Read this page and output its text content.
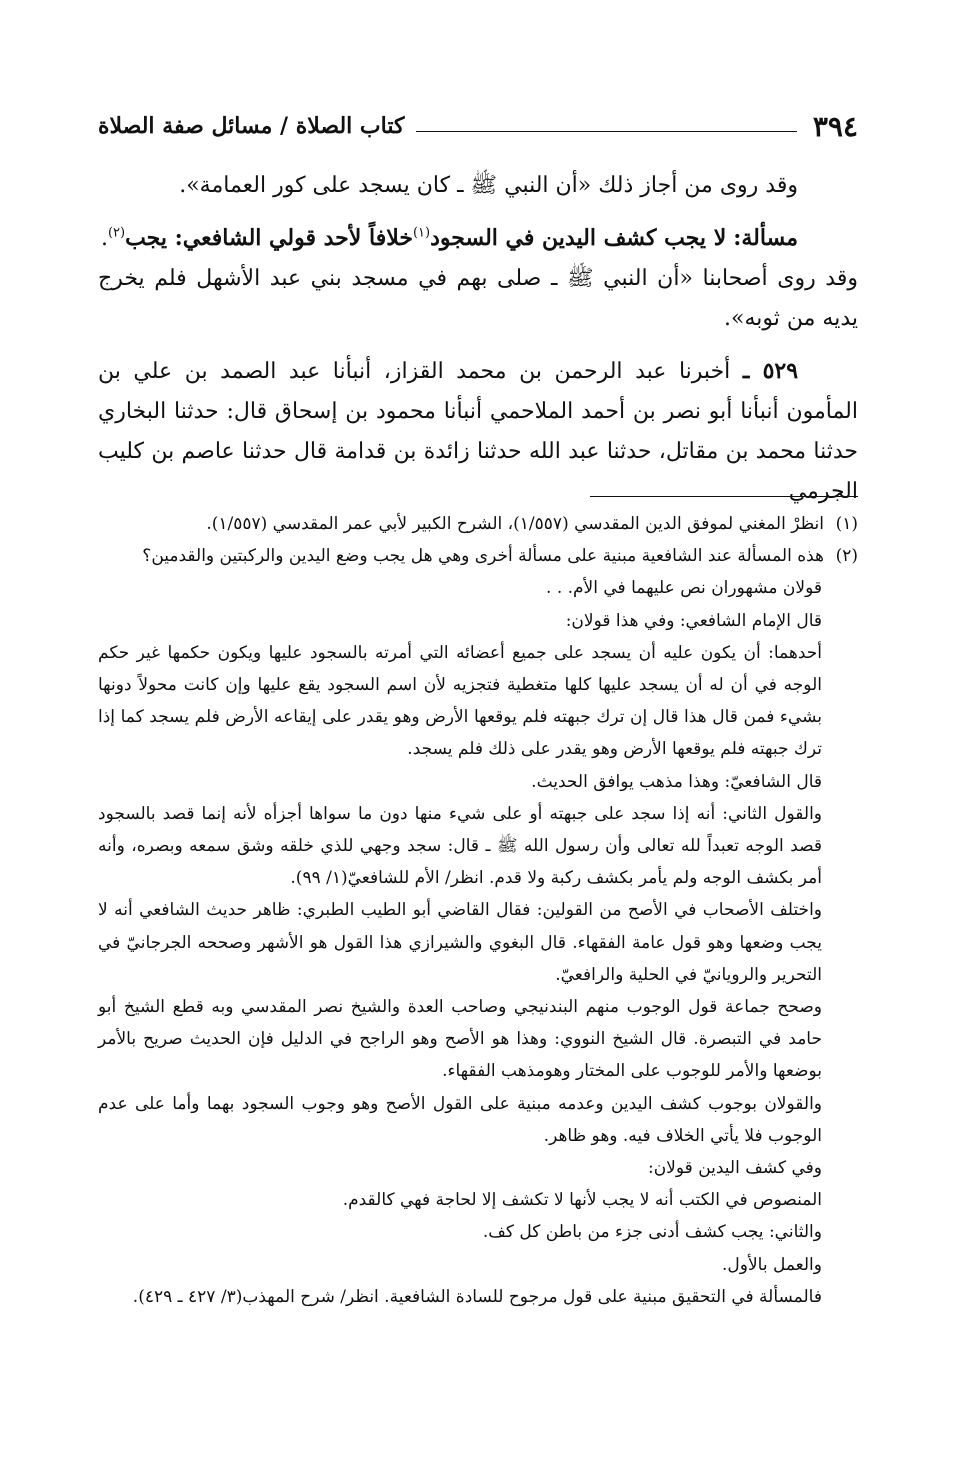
٣٩٤
كتاب الصلاة / مسائل صفة الصلاة

وقد روى من أجاز ذلك «أن النبي ﷺ ـ كان يسجد على كور العمامة».

مسألة: لا يجب كشف اليدين في السجود$^{(١)}$خلافاً لأحد قولي الشافعي: يجب$^{(٢)}$.
وقد روى أصحابنا «أن النبي ﷺ ـ صلى بهم في مسجد بني عبد الأشهل فلم يخرج يديه من ثوبه».

٥٢٩ ـ أخبرنا عبد الرحمن بن محمد القزاز، أنبأنا عبد الصمد بن علي بن المأمون أنبأنا أبو نصر بن أحمد الملاحمي أنبأنا محمود بن إسحاق قال: حدثنا البخاري حدثنا محمد بن مقاتل، حدثنا عبد الله حدثنا زائدة بن قدامة قال حدثنا عاصم بن كليب الجرمي

(١)انظرْ المغني لموفق الدين المقدسي (١/٥٥٧)، الشرح الكبير لأبي عمر المقدسي (١/٥٥٧).

(٢)هذه المسألة عند الشافعية مبنية على مسألة أخرى وهي هل يجب وضع اليدين والركبتين والقدمين؟

قولان مشهوران نص عليهما في الأم. . .

قال الإمام الشافعي: وفي هذا قولان:

أحدهما: أن يكون عليه أن يسجد على جميع أعضائه التي أمرته بالسجود عليها ويكون حكمها غير حكم الوجه في أن له أن يسجد عليها كلها متغطية فتجزيه لأن اسم السجود يقع عليها وإن كانت محولاً دونها بشيء فمن قال هذا قال إن ترك جبهته فلم يوقعها الأرض وهو يقدر على إيقاعه الأرض فلم يسجد كما إذا ترك جبهته فلم يوقعها الأرض وهو يقدر على ذلك فلم يسجد.

قال الشافعيّ: وهذا مذهب يوافق الحديث.

والقول الثاني: أنه إذا سجد على جبهته أو على شيء منها دون ما سواها أجزأه لأنه إنما قصد بالسجود قصد الوجه تعبداً لله تعالى وأن رسول الله ﷺ ـ قال: سجد وجهي للذي خلقه وشق سمعه وبصره، وأنه أمر بكشف الوجه ولم يأمر بكشف ركبة ولا قدم. انظر/ الأم للشافعيّ(١/ ٩٩).

واختلف الأصحاب في الأصح من القولين: فقال القاضي أبو الطيب الطبري: ظاهر حديث الشافعي أنه لا يجب وضعها وهو قول عامة الفقهاء. قال البغوي والشيرازي هذا القول هو الأشهر وصححه الجرجانيّ في التحرير والرويانيّ في الحلية والرافعيّ.

وصحح جماعة قول الوجوب منهم البندنيجي وصاحب العدة والشيخ نصر المقدسي وبه قطع الشيخ أبو حامد في التبصرة. قال الشيخ النووي: وهذا هو الأصح وهو الراجح في الدليل فإن الحديث صريح بالأمر بوضعها والأمر للوجوب على المختار وهومذهب الفقهاء.

والقولان بوجوب كشف اليدين وعدمه مبنية على القول الأصح وهو وجوب السجود بهما وأما على عدم الوجوب فلا يأتي الخلاف فيه. وهو ظاهر.

وفي كشف اليدين قولان:

المنصوص في الكتب أنه لا يجب لأنها لا تكشف إلا لحاجة فهي كالقدم.

والثاني: يجب كشف أدنى جزء من باطن كل كف.

والعمل بالأول.

فالمسألة في التحقيق مبنية على قول مرجوح للسادة الشافعية. انظر/ شرح المهذب(٣/ ٤٢٧ ـ ٤٢٩).
